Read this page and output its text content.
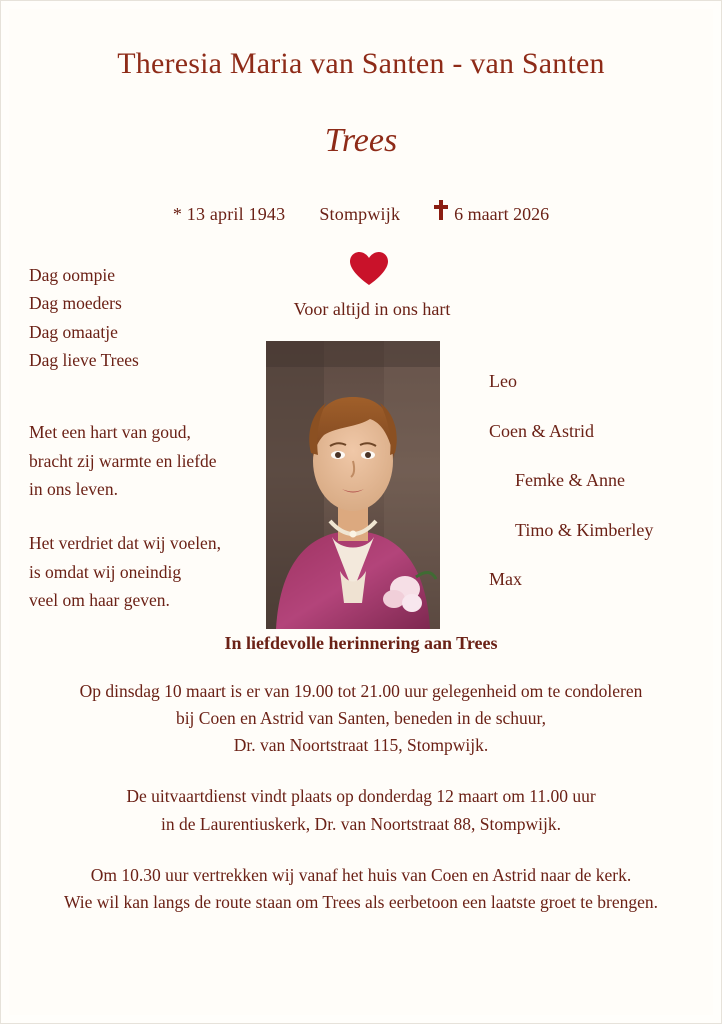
Theresia Maria van Santen - van Santen
Trees
* 13 april 1943 Stompwijk	6 maart 2026

Dag oompie

Dag moeders

Dag omaatje

Dag lieve Trees

Met een hart van goud,

bracht zij warmte en liefde

in ons leven.

Het verdriet dat wij voelen,

is omdat wij oneindig

veel om haar geven.

Voor altijd in ons hart
Leo
Coen & Astrid
Femke & Anne
Timo & Kimberley
Max
In liefdevolle herinnering aan Trees

Op dinsdag 10 maart is er van 19.00 tot 21.00 uur gelegenheid om te condoleren

bij Coen en Astrid van Santen, beneden in de schuur,

Dr. van Noortstraat 115, Stompwijk.

De uitvaartdienst vindt plaats op donderdag 12 maart om 11.00 uur

in de Laurentiuskerk, Dr. van Noortstraat 88, Stompwijk.

Om 10.30 uur vertrekken wij vanaf het huis van Coen en Astrid naar de kerk.

Wie wil kan langs de route staan om Trees als eerbetoon een laatste groet te brengen.
